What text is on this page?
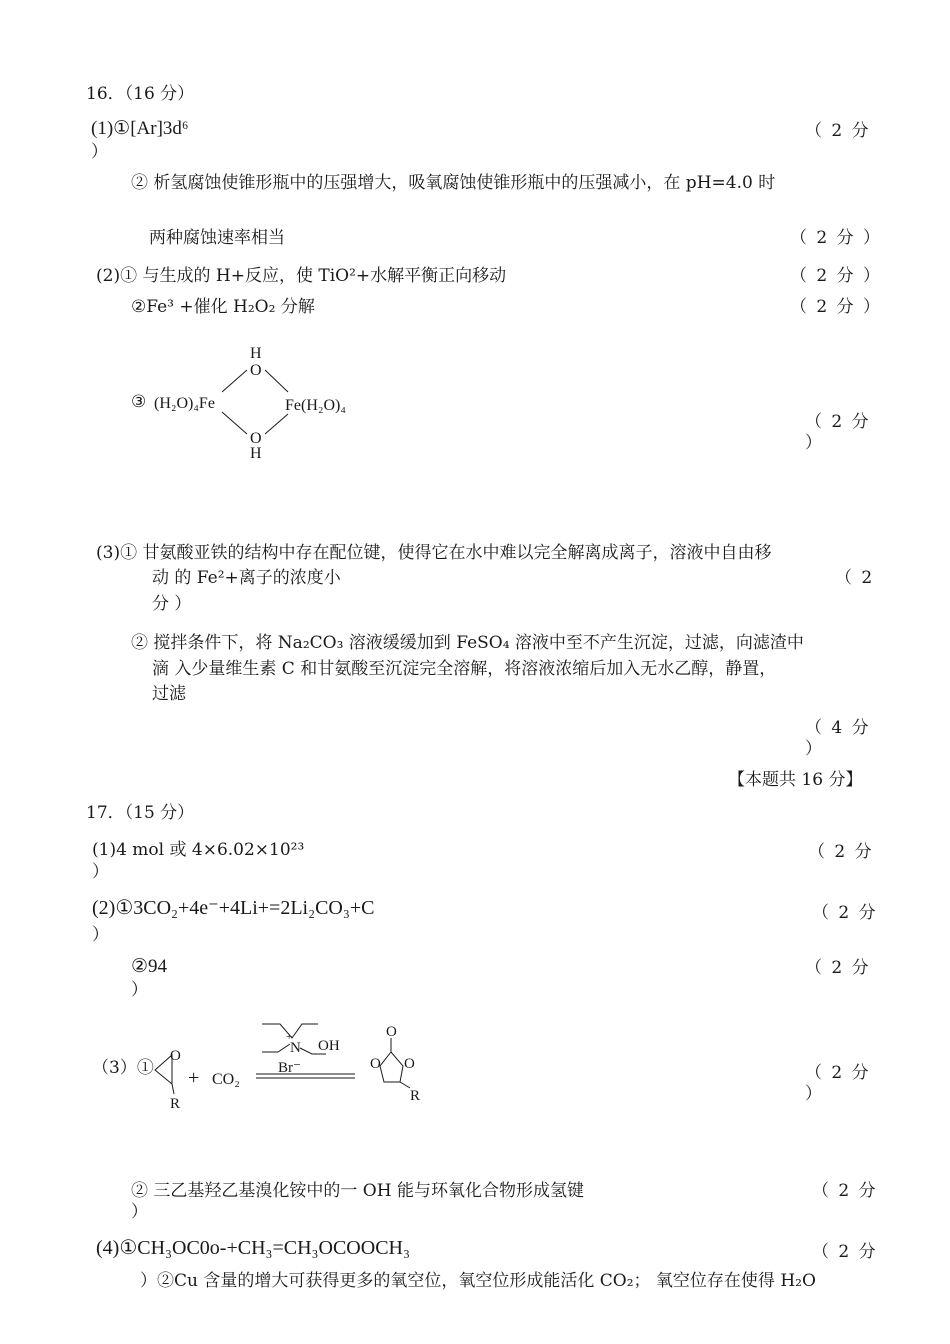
16．（16 分）
(1)①[Ar]3d⁶	（ 2 分
）
② 析氢腐蚀使锥形瓶中的压强增大，吸氧腐蚀使锥形瓶中的压强减小，在 pH=4.0 时
两种腐蚀速率相当	（ 2 分 ）
(2)① 与生成的 H+反应，使 TiO²+水解平衡正向移动	（ 2 分 ）
②Fe³ +催化 H₂O₂ 分解	（ 2 分 ）
③
H
O
(H₂O)₄Fe	Fe(H₂O)₄
O
H
（ 2 分
）
(3)① 甘氨酸亚铁的结构中存在配位键，使得它在水中难以完全解离成离子，溶液中自由移
动 的 Fe²+离子的浓度小	（ 2
分 ）
② 搅拌条件下，将 Na₂CO₃ 溶液缓缓加到 FeSO₄ 溶液中至不产生沉淀，过滤，向滤渣中
滴 入少量维生素 C 和甘氨酸至沉淀完全溶解，将溶液浓缩后加入无水乙醇，静置，
过滤
（ 4 分
）
【本题共 16 分】
17．（15 分）
(1)4 mol 或 4×6.02×10²³	（ 2 分
）
(2)①3CO₂+4e⁻+4Li+=2Li₂CO₃+C	（ 2 分
）
②94	（ 2 分
）
（3）①
O
R
+ CO₂
N
+
OH
Br⁻
O
O O
R
（ 2 分
）
② 三乙基羟乙基溴化铵中的一 OH 能与环氧化合物形成氢键	（ 2 分
）
(4)①CH₃OC0o-+CH₃=CH₃OCOOCH₃	（ 2 分
）②Cu 含量的增大可获得更多的氧空位，氧空位形成能活化 CO₂； 氧空位存在使得 H₂O
